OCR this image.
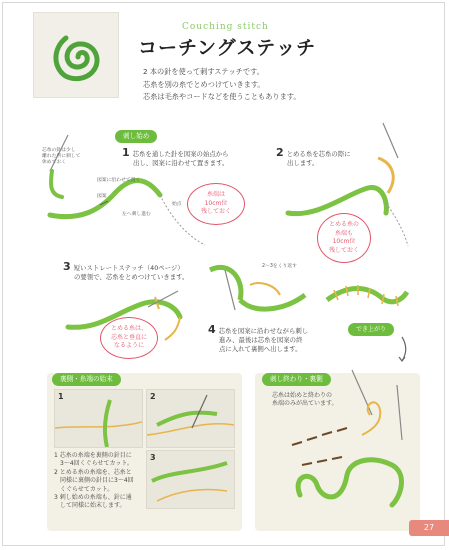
Couching stitch
コーチングステッチ
2 本の針を使って刺すステッチです。
芯糸を別の糸でとめつけていきます。
芯糸は毛糸やコードなどを使うこともあります。
刺し始め
1 芯糸を通した針を図案の始点から
出し、図案に沿わせて置きます。
2 とめる糸を芯糸の際に
出します。
芯糸の針は少し
離れた所に刺して
休めておく
図案に沿わせて置く
図案
左へ刺し進む
始点
糸端は
10cm位
残しておく
とめる糸の
糸端も
10cm位
残しておく
3 短いストレートステッチ（40ページ）
の要領で、芯糸をとめつけていきます。
とめる糸は、
芯糸と垂直に
なるように
2〜3をくり返す
4 芯糸を図案に沿わせながら刺し
進み、最後は芯糸を図案の終
点に入れて裏側へ出します。
でき上がり
裏側・糸端の始末
1	2
3
1 芯糸の糸端を裏側の針目に
3〜4回くぐらせてカット。
2 とめる糸の糸端を、芯糸と
同様に裏側の針目に3〜4回
くぐらせてカット。
3 刺し始めの糸端も、針に通
して同様に始末します。
刺し終わり・裏側
芯糸は始めと終わりの
糸端のみが出ています。
27
